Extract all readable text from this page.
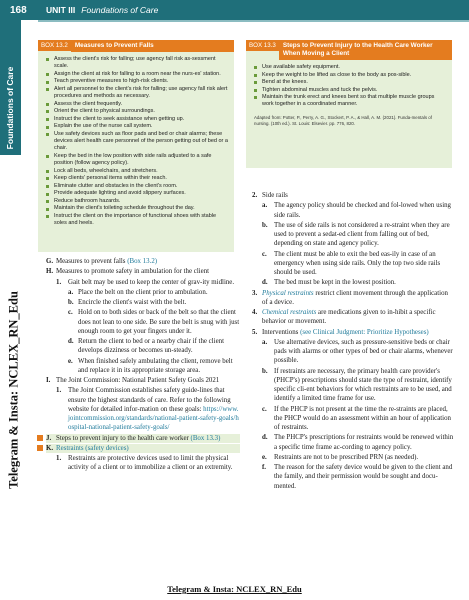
168	UNIT III Foundations of Care
Foundations of Care
Telegram & Insta: NCLEX_RN_Edu
BOX 13.2	Measures to Prevent Falls
Assess the client's risk for falling; use agency fall risk as-sessment scale.
Assign the client at risk for falling to a room near the nurs-es' station.
Teach preventive measures to high-risk clients.
Alert all personnel to the client's risk for falling; use agency fall risk alert procedures and methods as necessary.
Assess the client frequently.
Orient the client to physical surroundings.
Instruct the client to seek assistance when getting up.
Explain the use of the nurse call system.
Use safety devices such as floor pads and bed or chair alarms; these devices alert health care personnel of the person getting out of bed or a chair.
Keep the bed in the low position with side rails adjusted to a safe position (follow agency policy).
Lock all beds, wheelchairs, and stretchers.
Keep clients' personal items within their reach.
Eliminate clutter and obstacles in the client's room.
Provide adequate lighting and avoid slippery surfaces.
Reduce bathroom hazards.
Maintain the client's toileting schedule throughout the day.
Instruct the client on the importance of functional shoes with stable soles and heels.
BOX 13.3	Steps to Prevent Injury to the Health Care Worker When Moving a Client
Use available safety equipment.
Keep the weight to be lifted as close to the body as pos-sible.
Bend at the knees.
Tighten abdominal muscles and tuck the pelvis.
Maintain the trunk erect and knees bent so that multiple muscle groups work together in a coordinated manner.
Adapted from: Potter, P., Perry, A. G., Stockert, P. A., & Hall, A. M. (2021). Funda-mentals of nursing. (10th ed.). St. Louis: Elsevier. pp. 776, 820.
G. Measures to prevent falls (Box 13.2)
H. Measures to promote safety in ambulation for the client
1. Gait belt may be used to keep the center of grav-ity midline.
a. Place the belt on the client prior to ambulation.
b. Encircle the client's waist with the belt.
c. Hold on to both sides or back of the belt so that the client does not lean to one side. Be sure the belt is snug with just enough room to get your fingers under it.
d. Return the client to bed or a nearby chair if the client develops dizziness or becomes un-steady.
e. When finished safely ambulating the client, remove belt and replace it in its appropriate storage area.
I. The Joint Commission: National Patient Safety Goals 2021
1. The Joint Commission establishes safety guide-lines that ensure the highest standards of care. Refer to the following website for detailed infor-mation on these goals: https://www.jointcommission.org/standards/national-patient-safety-goals/hospital-national-patient-safety-goals/
J. Steps to prevent injury to the health care worker (Box 13.3)
K. Restraints (safety devices)
1. Restraints are protective devices used to limit the physical activity of a client or to immobilize a client or an extremity.
2. Side rails
a. The agency policy should be checked and fol-lowed when using side rails.
b. The use of side rails is not considered a re-straint when they are used to prevent a sedat-ed client from falling out of bed, depending on state and agency policy.
c. The client must be able to exit the bed eas-ily in case of an emergency when using side rails. Only the top two side rails should be used.
d. The bed must be kept in the lowest position.
3. Physical restraints restrict client movement through the application of a device.
4. Chemical restraints are medications given to in-hibit a specific behavior or movement.
5. Interventions (see Clinical Judgment: Prioritize Hypotheses)
a. Use alternative devices, such as pressure-sensitive beds or chair pads with alarms or other types of bed or chair alarms, whenever possible.
b. If restraints are necessary, the primary health care provider's (PHCP's) prescriptions should state the type of restraint, identify specific cli-ent behaviors for which restraints are to be used, and identify a limited time frame for use.
c. If the PHCP is not present at the time the re-straints are placed, the PHCP would do an assessment within an hour of application of restraints.
d. The PHCP's prescriptions for restraints would be renewed within a specific time frame ac-cording to agency policy.
e. Restraints are not to be prescribed PRN (as needed).
f. The reason for the safety device would be given to the client and the family, and their permission would be sought and docu-mented.
Telegram & Insta: NCLEX_RN_Edu
